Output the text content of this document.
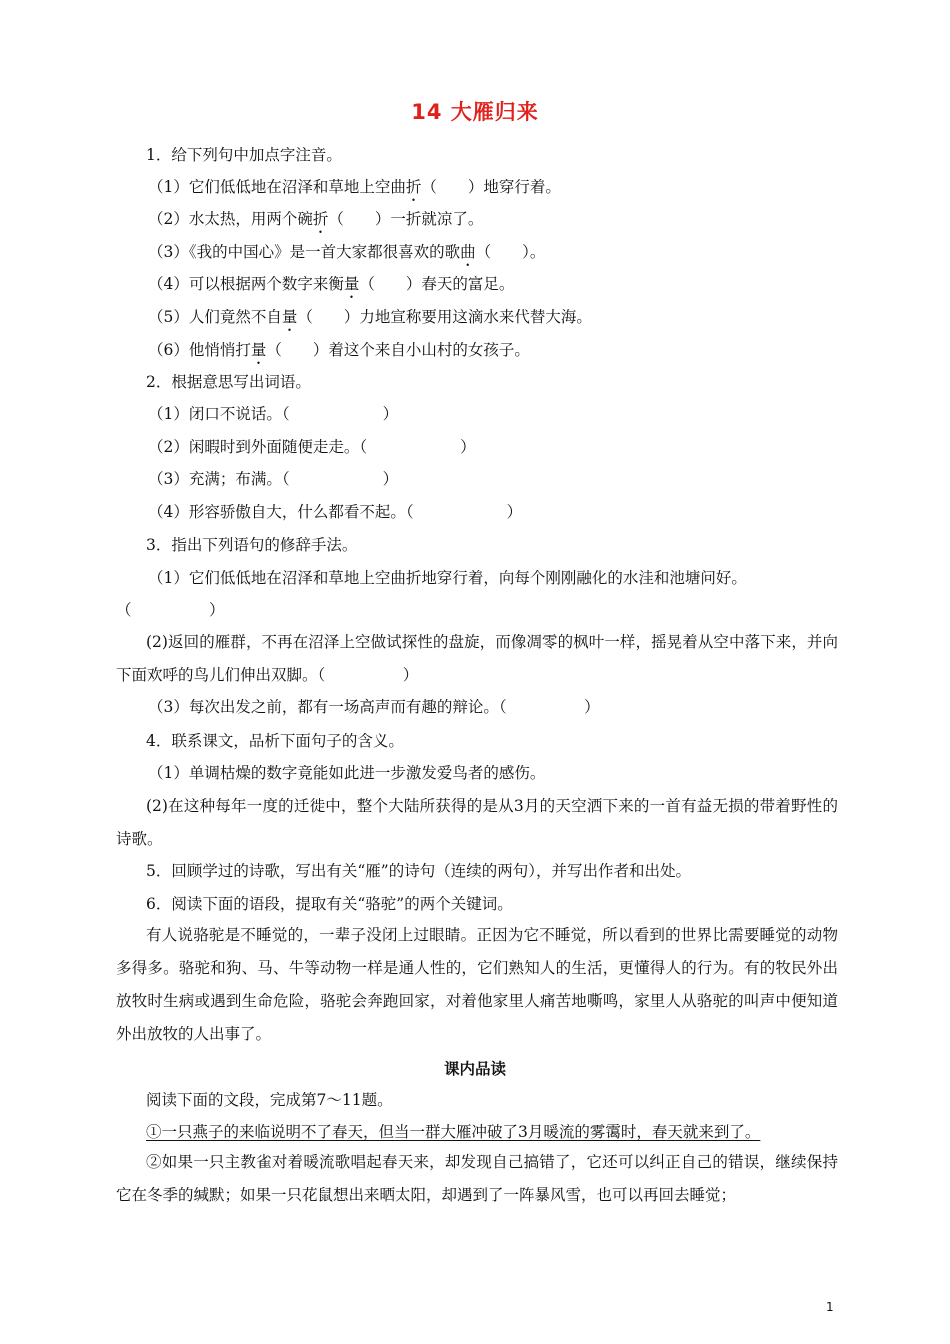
14 大雁归来
1．给下列句中加点字注音。
（1）它们低低地在沼泽和草地上空曲折（　　）地穿行着。
（2）水太热，用两个碗折（　　）一折就凉了。
（3）《我的中国心》是一首大家都很喜欢的歌曲（　　）。
（4）可以根据两个数字来衡量（　　）春天的富足。
（5）人们竟然不自量（　　）力地宣称要用这滴水来代替大海。
（6）他悄悄打量（　　）着这个来自小山村的女孩子。
2．根据意思写出词语。
（1）闭口不说话。（　　　　　　）
（2）闲暇时到外面随便走走。（　　　　　　）
（3）充满；布满。（　　　　　　）
（4）形容骄傲自大，什么都看不起。（　　　　　　）
3．指出下列语句的修辞手法。
（1）它们低低地在沼泽和草地上空曲折地穿行着，向每个刚刚融化的水洼和池塘问好。
（　　　　　）
(2)返回的雁群，不再在沼泽上空做试探性的盘旋，而像凋零的枫叶一样，摇晃着从空中落下来，并向下面欢呼的鸟儿们伸出双脚。（　　　　　）
（3）每次出发之前，都有一场高声而有趣的辩论。（　　　　　）
4．联系课文，品析下面句子的含义。
（1）单调枯燥的数字竟能如此进一步激发爱鸟者的感伤。
(2)在这种每年一度的迁徙中，整个大陆所获得的是从3月的天空洒下来的一首有益无损的带着野性的诗歌。
5．回顾学过的诗歌，写出有关“雁”的诗句（连续的两句），并写出作者和出处。
6．阅读下面的语段，提取有关“骆驼”的两个关键词。
有人说骆驼是不睡觉的，一辈子没闭上过眼睛。正因为它不睡觉，所以看到的世界比需要睡觉的动物多得多。骆驼和狗、马、牛等动物一样是通人性的，它们熟知人的生活，更懂得人的行为。有的牧民外出放牧时生病或遇到生命危险，骆驼会奔跑回家，对着他家里人痛苦地嘶鸣，家里人从骆驼的叫声中便知道外出放牧的人出事了。
课内品读
阅读下面的文段，完成第7～11题。
①一只燕子的来临说明不了春天，但当一群大雁冲破了3月暖流的雾霭时，春天就来到了。
②如果一只主教雀对着暖流歌唱起春天来，却发现自己搞错了，它还可以纠正自己的错误，继续保持它在冬季的缄默；如果一只花鼠想出来晒太阳，却遇到了一阵暴风雪，也可以再回去睡觉；
1
